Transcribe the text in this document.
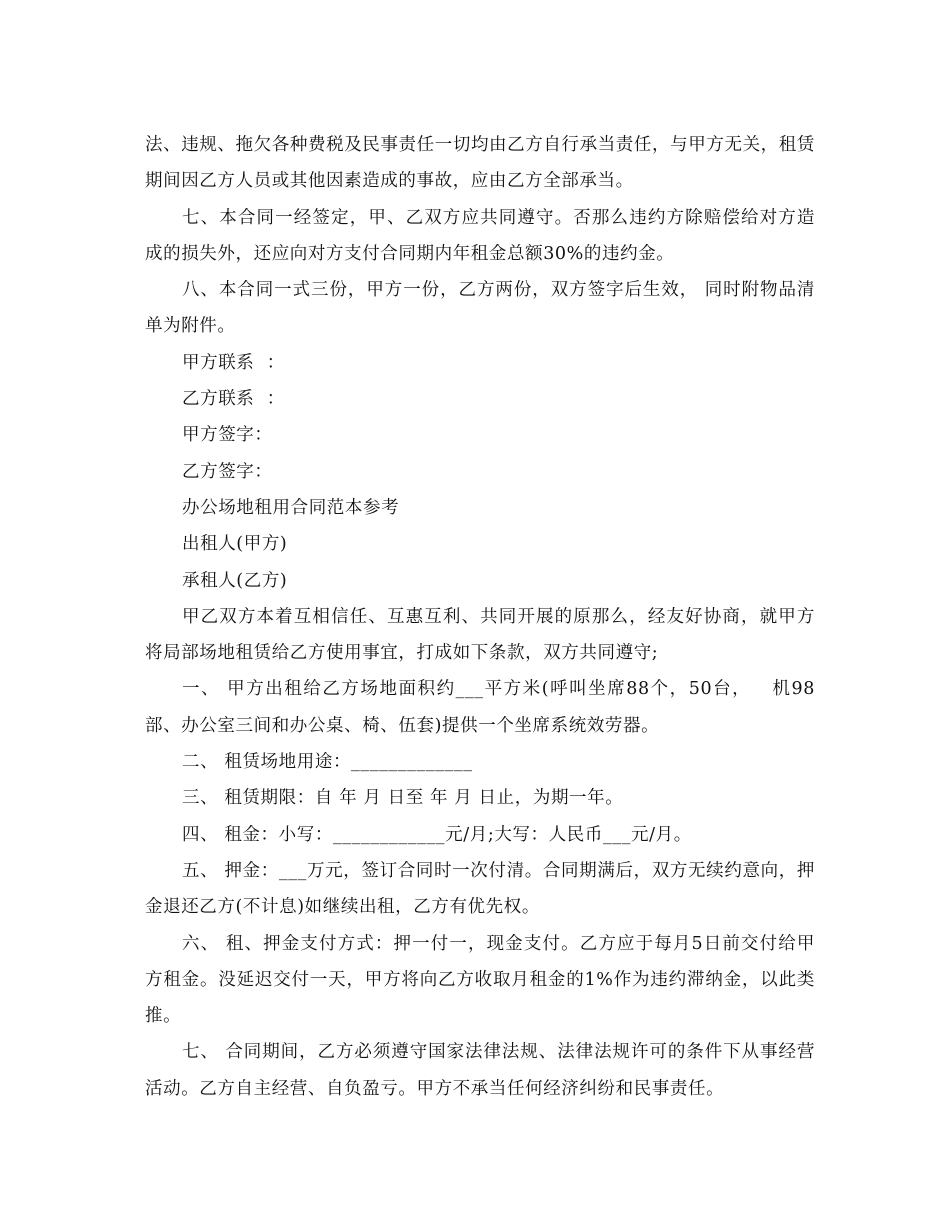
法、违规、拖欠各种费税及民事责任一切均由乙方自行承当责任，与甲方无关，租赁期间因乙方人员或其他因素造成的事故，应由乙方全部承当。

七、本合同一经签定，甲、乙双方应共同遵守。否那么违约方除赔偿给对方造成的损失外，还应向对方支付合同期内年租金总额30%的违约金。

八、本合同一式三份，甲方一份，乙方两份，双方签字后生效， 同时附物品清单为附件。

甲方联系  ：

乙方联系  ：

甲方签字：

乙方签字：

办公场地租用合同范本参考

出租人(甲方)

承租人(乙方)

甲乙双方本着互相信任、互惠互利、共同开展的原那么，经友好协商，就甲方将局部场地租赁给乙方使用事宜，打成如下条款，双方共同遵守;

一、 甲方出租给乙方场地面积约___平方米(呼叫坐席88个，50台，   机98部、办公室三间和办公桌、椅、伍套)提供一个坐席系统效劳器。

二、 租赁场地用途：_____________

三、 租赁期限：自 年 月 日至 年 月 日止，为期一年。

四、 租金：小写：____________元/月;大写：人民币___元/月。

五、 押金：___万元，签订合同时一次付清。合同期满后，双方无续约意向，押金退还乙方(不计息)如继续出租，乙方有优先权。

六、 租、押金支付方式：押一付一，现金支付。乙方应于每月5日前交付给甲方租金。没延迟交付一天，甲方将向乙方收取月租金的1%作为违约滞纳金，以此类推。

七、 合同期间，乙方必须遵守国家法律法规、法律法规许可的条件下从事经营活动。乙方自主经营、自负盈亏。甲方不承当任何经济纠纷和民事责任。
